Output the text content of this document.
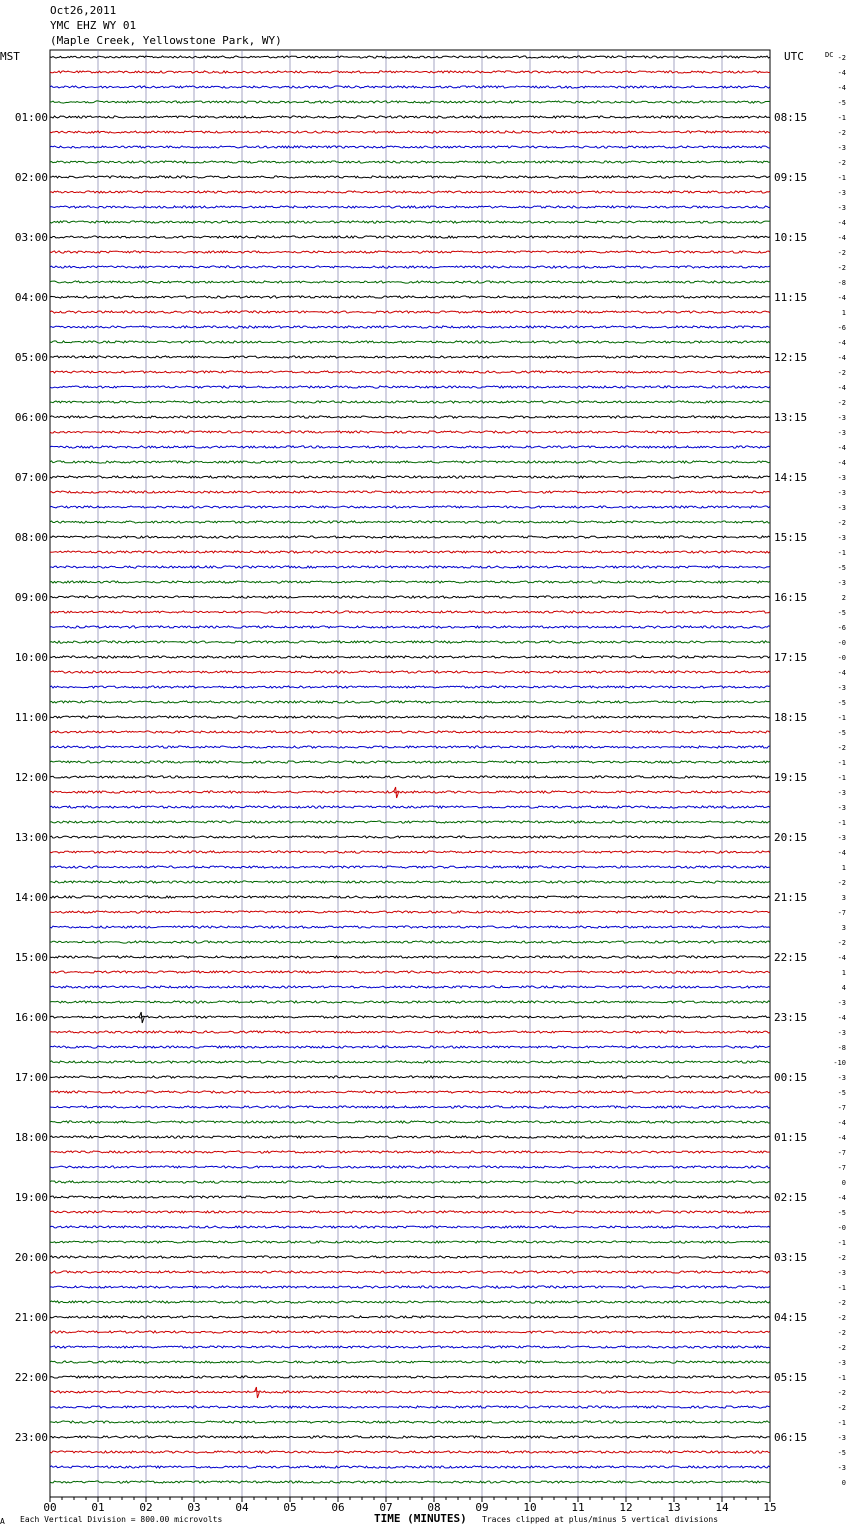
Oct26,2011
YMC EHZ WY 01
(Maple Creek, Yellowstone Park, WY)
MST	UTC	-2
-4
-4
-5
-1
-2
-3
-2
-1
-3
-3
-4
-4
-2
-2
-8
-4
1
-6
-4
-4
-2
-4
-2
-3
-3
-4
-4
-3
-3
-3
-2
-3
-1
-5
-3
2
-5
-6
-0
-0
-4
-3
-5
-1
-5
-2
-1
-1
-3
-3
-1
-3
-4
1
-2
3
-7
3
-2
-4
1
4
-3
-4
-3
-8
-10
-3
-5
-7
-4
-4
-7
-7
0
-4
-5
-0
-1
-2
-3
-1
-2
-2
-2
-2
-3
-1
-2
-2
-1
-3
-5
-3
0
DC
01:00
02:00
03:00
04:00
05:00
06:00
07:00
08:00
09:00
10:00
11:00
12:00
13:00
14:00
15:00
16:00
17:00
18:00
19:00
20:00
21:00
22:00
23:00
08:15
09:15
10:15
11:15
12:15
13:15
14:15
15:15
16:15
17:15
18:15
19:15
20:15
21:15
22:15
23:15
00:15
01:15
02:15
03:15
04:15
05:15
06:15
00	01	02	03	04	05	06	07	08	09	10	11	12	13	14	15
A Each Vertical Division = 800.00 microvolts	TIME (MINUTES) Traces clipped at plus/minus 5 vertical divisions
